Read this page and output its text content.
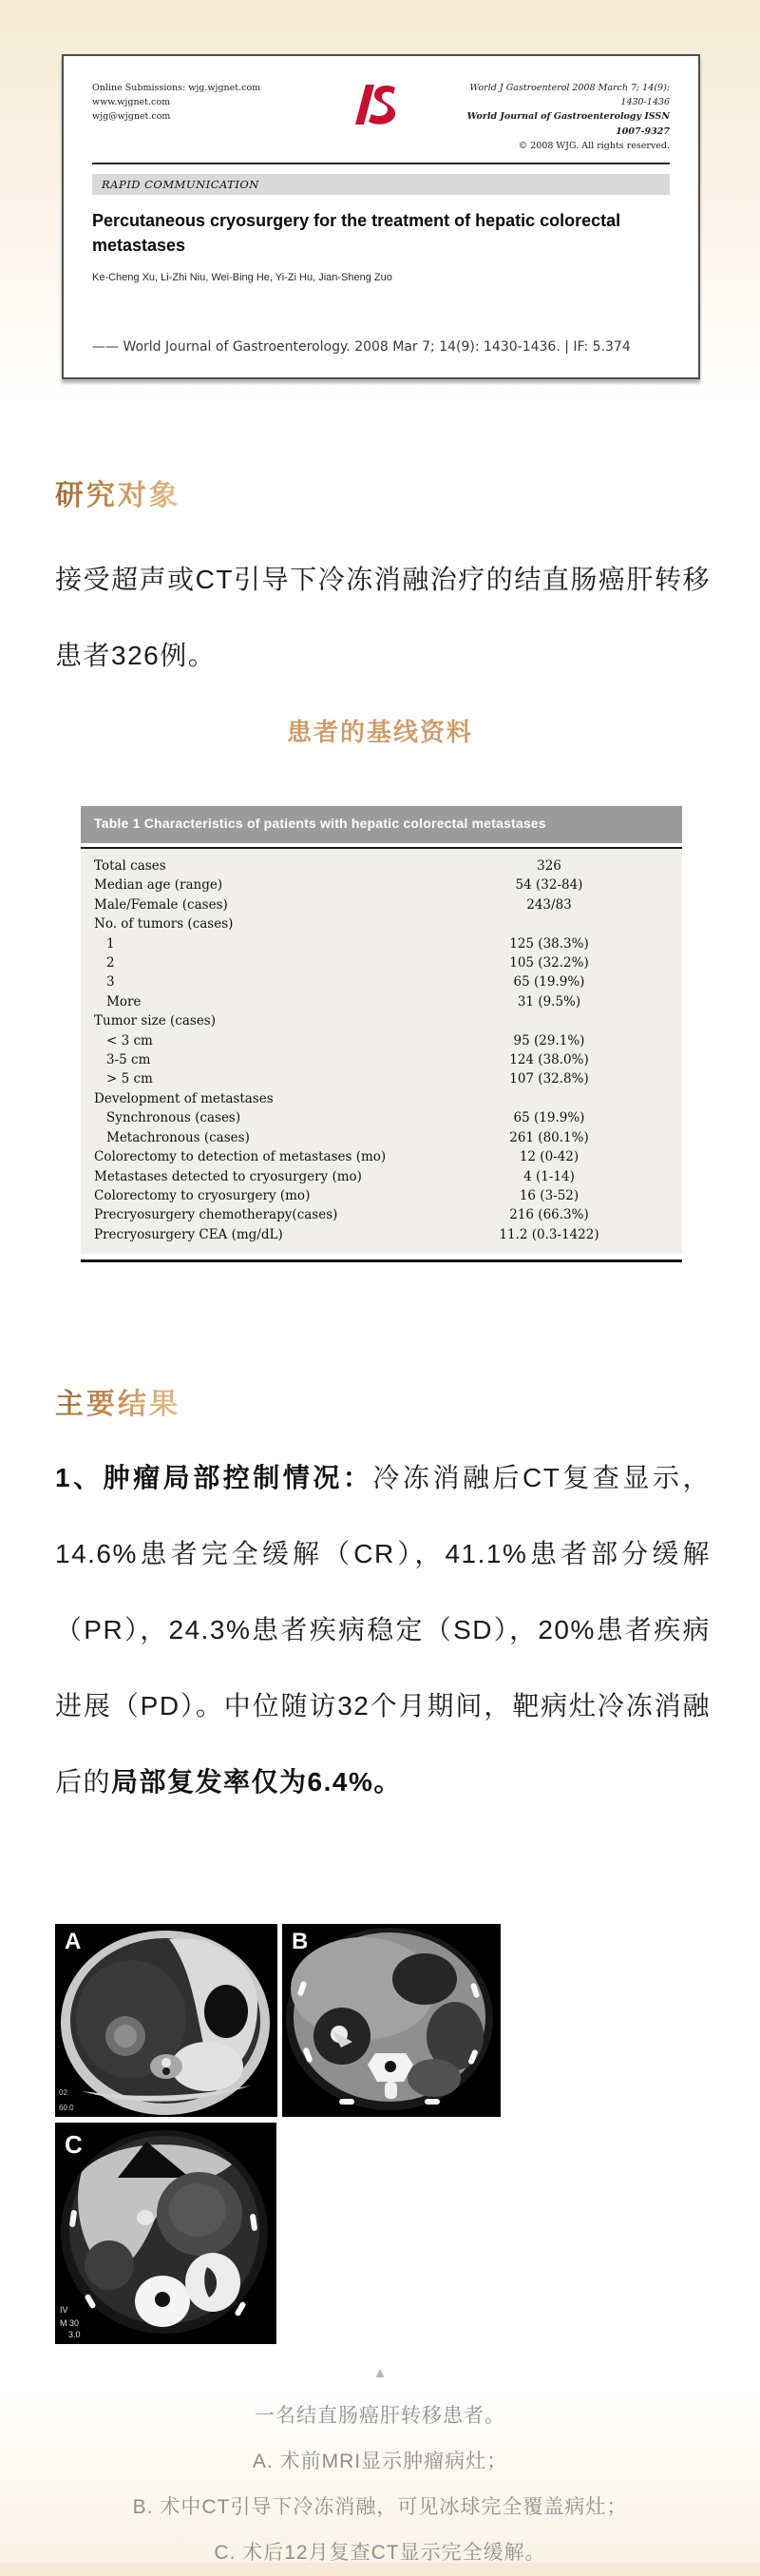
Online Submissions: wjg.wjgnet.com
www.wjgnet.com
wjg@wjgnet.com
World J Gastroenterol 2008 March 7; 14(9): 1430-1436
World Journal of Gastroenterology ISSN 1007-9327
© 2008 WJG. All rights reserved.
RAPID COMMUNICATION
Percutaneous cryosurgery for the treatment of hepatic colorectal metastases
Ke-Cheng Xu, Li-Zhi Niu, Wei-Bing He, Yi-Zi Hu, Jian-Sheng Zuo
—— World Journal of Gastroenterology. 2008 Mar 7; 14(9): 1430-1436. | IF: 5.374
研究对象
接受超声或CT引导下冷冻消融治疗的结直肠癌肝转移患者326例。
患者的基线资料
Table 1 Characteristics of patients with hepatic colorectal metastases
Total cases	326
Median age (range)	54 (32-84)
Male/Female (cases)	243/83
No. of tumors (cases)
1	125 (38.3%)
2	105 (32.2%)
3	65 (19.9%)
More	31 (9.5%)
Tumor size (cases)
< 3 cm	95 (29.1%)
3-5 cm	124 (38.0%)
> 5 cm	107 (32.8%)
Development of metastases
Synchronous (cases)	65 (19.9%)
Metachronous (cases)	261 (80.1%)
Colorectomy to detection of metastases (mo)	12 (0-42)
Metastases detected to cryosurgery (mo)	4 (1-14)
Colorectomy to cryosurgery (mo)	16 (3-52)
Precryosurgery chemotherapy(cases)	216 (66.3%)
Precryosurgery CEA (mg/dL)	11.2 (0.3-1422)
主要结果
1、肿瘤局部控制情况：冷冻消融后CT复查显示，14.6%患者完全缓解（CR），41.1%患者部分缓解（PR），24.3%患者疾病稳定（SD），20%患者疾病进展（PD）。中位随访32个月期间，靶病灶冷冻消融后的局部复发率仅为6.4%。
A
02
60.0
B
C
IV
M 30
3.0
▲
一名结直肠癌肝转移患者。
A. 术前MRI显示肿瘤病灶；
B. 术中CT引导下冷冻消融，可见冰球完全覆盖病灶；
C. 术后12月复查CT显示完全缓解。
